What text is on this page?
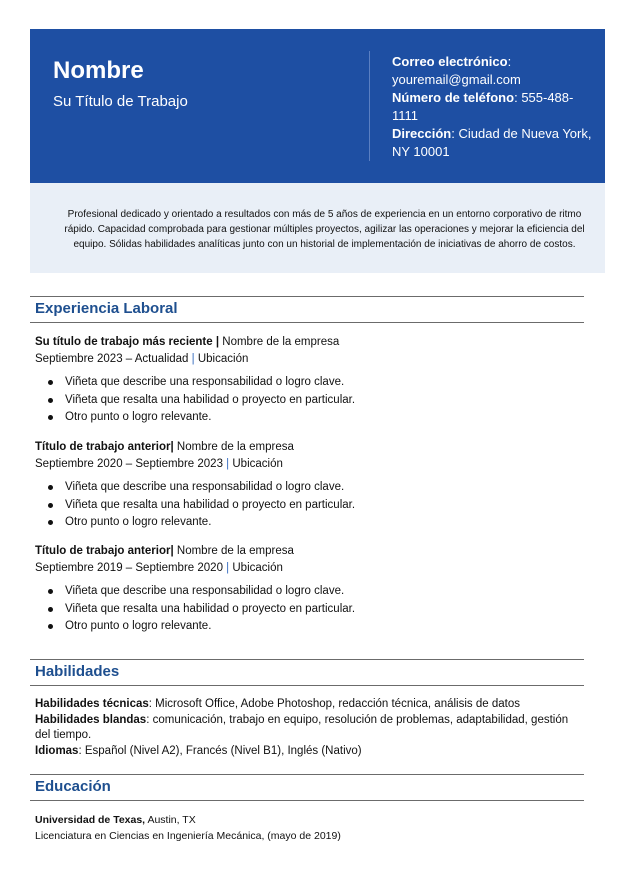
Nombre
Su Título de Trabajo
Correo electrónico:
youremail@gmail.com
Número de teléfono: 555-488-1111
Dirección: Ciudad de Nueva York, NY 10001

Profesional dedicado y orientado a resultados con más de 5 años de experiencia en un entorno corporativo de ritmo rápido. Capacidad comprobada para gestionar múltiples proyectos, agilizar las operaciones y mejorar la eficiencia del equipo. Sólidas habilidades analíticas junto con un historial de implementación de iniciativas de ahorro de costos.

Experiencia Laboral
Su título de trabajo más reciente | Nombre de la empresa
Septiembre 2023 – Actualidad | Ubicación
Viñeta que describe una responsabilidad o logro clave.
Viñeta que resalta una habilidad o proyecto en particular.
Otro punto o logro relevante.
Título de trabajo anterior| Nombre de la empresa
Septiembre 2020 – Septiembre 2023 | Ubicación
Viñeta que describe una responsabilidad o logro clave.
Viñeta que resalta una habilidad o proyecto en particular.
Otro punto o logro relevante.
Título de trabajo anterior| Nombre de la empresa
Septiembre 2019 – Septiembre 2020 | Ubicación
Viñeta que describe una responsabilidad o logro clave.
Viñeta que resalta una habilidad o proyecto en particular.
Otro punto o logro relevante.
Habilidades
Habilidades técnicas: Microsoft Office, Adobe Photoshop, redacción técnica, análisis de datos
Habilidades blandas: comunicación, trabajo en equipo, resolución de problemas, adaptabilidad, gestión del tiempo.
Idiomas: Español (Nivel A2), Francés (Nivel B1), Inglés (Nativo)
Educación
Universidad de Texas, Austin, TX
Licenciatura en Ciencias en Ingeniería Mecánica, (mayo de 2019)
